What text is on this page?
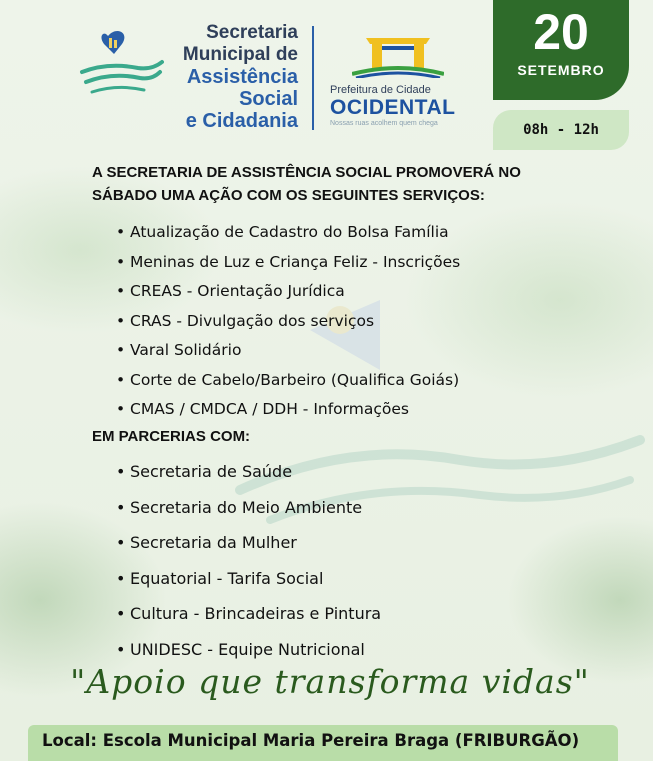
Secretaria
Municipal de
Assistência Social
e Cidadania
Prefeitura de Cidade
OCIDENTAL
Nossas ruas acolhem quem chega
20
SETEMBRO
08h - 12h
A SECRETARIA DE ASSISTÊNCIA SOCIAL PROMOVERÁ NO
SÁBADO UMA AÇÃO COM OS SEGUINTES SERVIÇOS:
• Atualização de Cadastro do Bolsa Família
• Meninas de Luz e Criança Feliz - Inscrições
• CREAS - Orientação Jurídica
• CRAS - Divulgação dos serviços
• Varal Solidário
• Corte de Cabelo/Barbeiro (Qualifica Goiás)
• CMAS / CMDCA / DDH - Informações
EM PARCERIAS COM:
• Secretaria de Saúde
• Secretaria do Meio Ambiente
• Secretaria da Mulher
• Equatorial - Tarifa Social
• Cultura - Brincadeiras e Pintura
• UNIDESC - Equipe Nutricional
"Apoio que transforma vidas"
Local: Escola Municipal Maria Pereira Braga (FRIBURGÃO)
